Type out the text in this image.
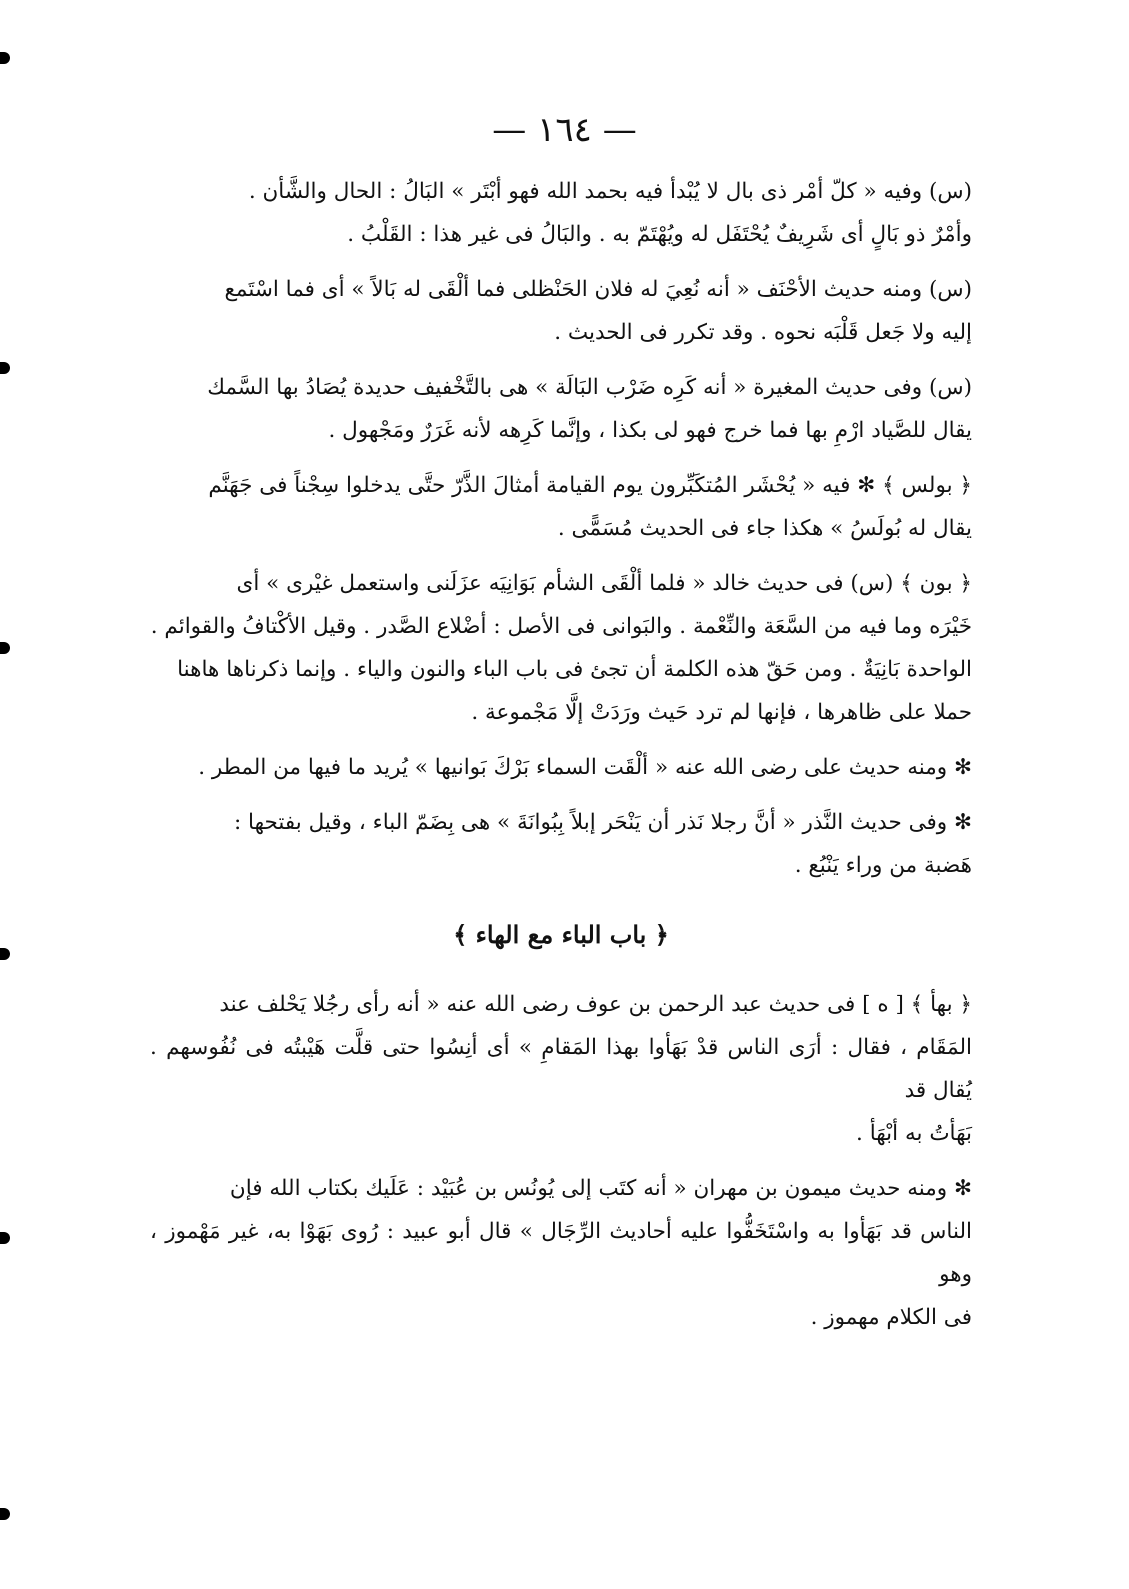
— ١٦٤ —

(س) وفيه « كلّ أمْر ذى بال لا يُبْدأ فيه بحمد الله فهو أبْتَر » البَالُ : الحال والشَّأن .
وأمْرٌ ذو بَالٍ أى شَرِيفٌ يُحْتَفَل له ويُهْتَمّ به . والبَالُ فى غير هذا : القَلْبُ .

(س) ومنه حديث الأحْنَف « أنه نُعِيَ له فلان الحَنْظلى فما ألْقَى له بَالاً » أى فما اسْتَمع
إليه ولا جَعل قَلْبَه نحوه . وقد تكرر فى الحديث .

(س) وفى حديث المغيرة « أنه كَرِه ضَرْب البَالَة » هى بالتَّخْفيف حديدة يُصَادُ بها السَّمك
يقال للصَّياد ارْمِ بها فما خرج فهو لى بكذا ، وإنَّما كَرِهه لأنه غَرَرٌ ومَجْهول .

﴿ بولس ﴾ ✻ فيه « يُحْشَر المُتكَبِّرون يوم القيامة أمثالَ الذَّرّ حتَّى يدخلوا سِجْناً فى جَهَنَّم
يقال له بُولَسُ » هكذا جاء فى الحديث مُسَمًّى .

﴿ بون ﴾ (س) فى حديث خالد « فلما ألْقَى الشأم بَوَانِيَه عزَلَنى واستعمل غيْرى » أى
خَيْرَه وما فيه من السَّعَة والنِّعْمة . والبَوانى فى الأصل : أضْلاع الصَّدر . وقيل الأكْتافُ والقوائم .
الواحدة بَانِيَةٌ . ومن حَقّ هذه الكلمة أن تجئ فى باب الباء والنون والياء . وإنما ذكرناها هاهنا
حملا على ظاهرها ، فإنها لم ترد حَيث ورَدَتْ إلَّا مَجْموعة .

✻ ومنه حديث على رضى الله عنه « ألْقَت السماء بَرْكَ بَوانيها » يُريد ما فيها من المطر .

✻ وفى حديث النَّذر « أنَّ رجلا نَذر أن يَنْحَر إبلاً بِبُوانَةَ » هى بِضَمّ الباء ، وقيل بفتحها :
هَضبة من وراء يَنْبُع .

﴿ باب الباء مع الهاء ﴾

﴿ بهأ ﴾ [ ه ] فى حديث عبد الرحمن بن عوف رضى الله عنه « أنه رأى رجُلا يَحْلف عند
المَقَام ، فقال : أرَى الناس قدْ بَهَأوا بهذا المَقامِ » أى أنِسُوا حتى قلَّت هَيْبتُه فى نُفُوسهم . يُقال قد
بَهَأتُ به أبْهَأ .

✻ ومنه حديث ميمون بن مهران « أنه كتَب إلى يُونُس بن عُبَيْد : عَلَيك بكتاب الله فإن
الناس قد بَهَأوا به واسْتَخَفُّوا عليه أحاديث الرِّجَال » قال أبو عبيد : رُوى بَهَوْا به، غير مَهْموز ، وهو
فى الكلام مهموز .
